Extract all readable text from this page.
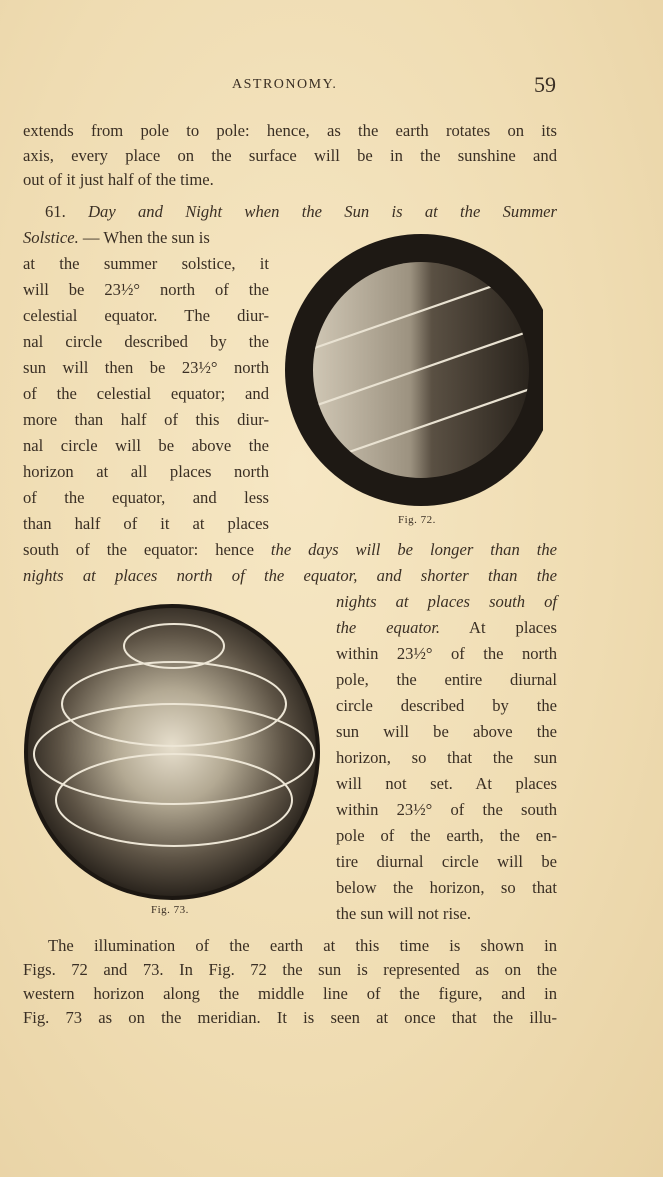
ASTRONOMY.	59
extends from pole to pole: hence, as the earth rotates on its
axis, every place on the surface will be in the sunshine and
out of it just half of the time.
61. Day and Night when the Sun is at the Summer
Solstice. — When the sun is
at the summer solstice, it
will be 23½° north of the
celestial equator. The diur-
nal circle described by the
sun will then be 23½° north
of the celestial equator; and
more than half of this diur-
nal circle will be above the
horizon at all places north
of the equator, and less
than half of it at places	Fig. 72.
south of the equator: hence the days will be longer than the
nights at places north of the equator, and shorter than the
Fig. 73.
nights at places south of
the equator. At places
within 23½° of the north
pole, the entire diurnal
circle described by the
sun will be above the
horizon, so that the sun
will not set. At places
within 23½° of the south
pole of the earth, the en-
tire diurnal circle will be
below the horizon, so that
the sun will not rise.
The illumination of the earth at this time is shown in
Figs. 72 and 73. In Fig. 72 the sun is represented as on the
western horizon along the middle line of the figure, and in
Fig. 73 as on the meridian. It is seen at once that the illu-
